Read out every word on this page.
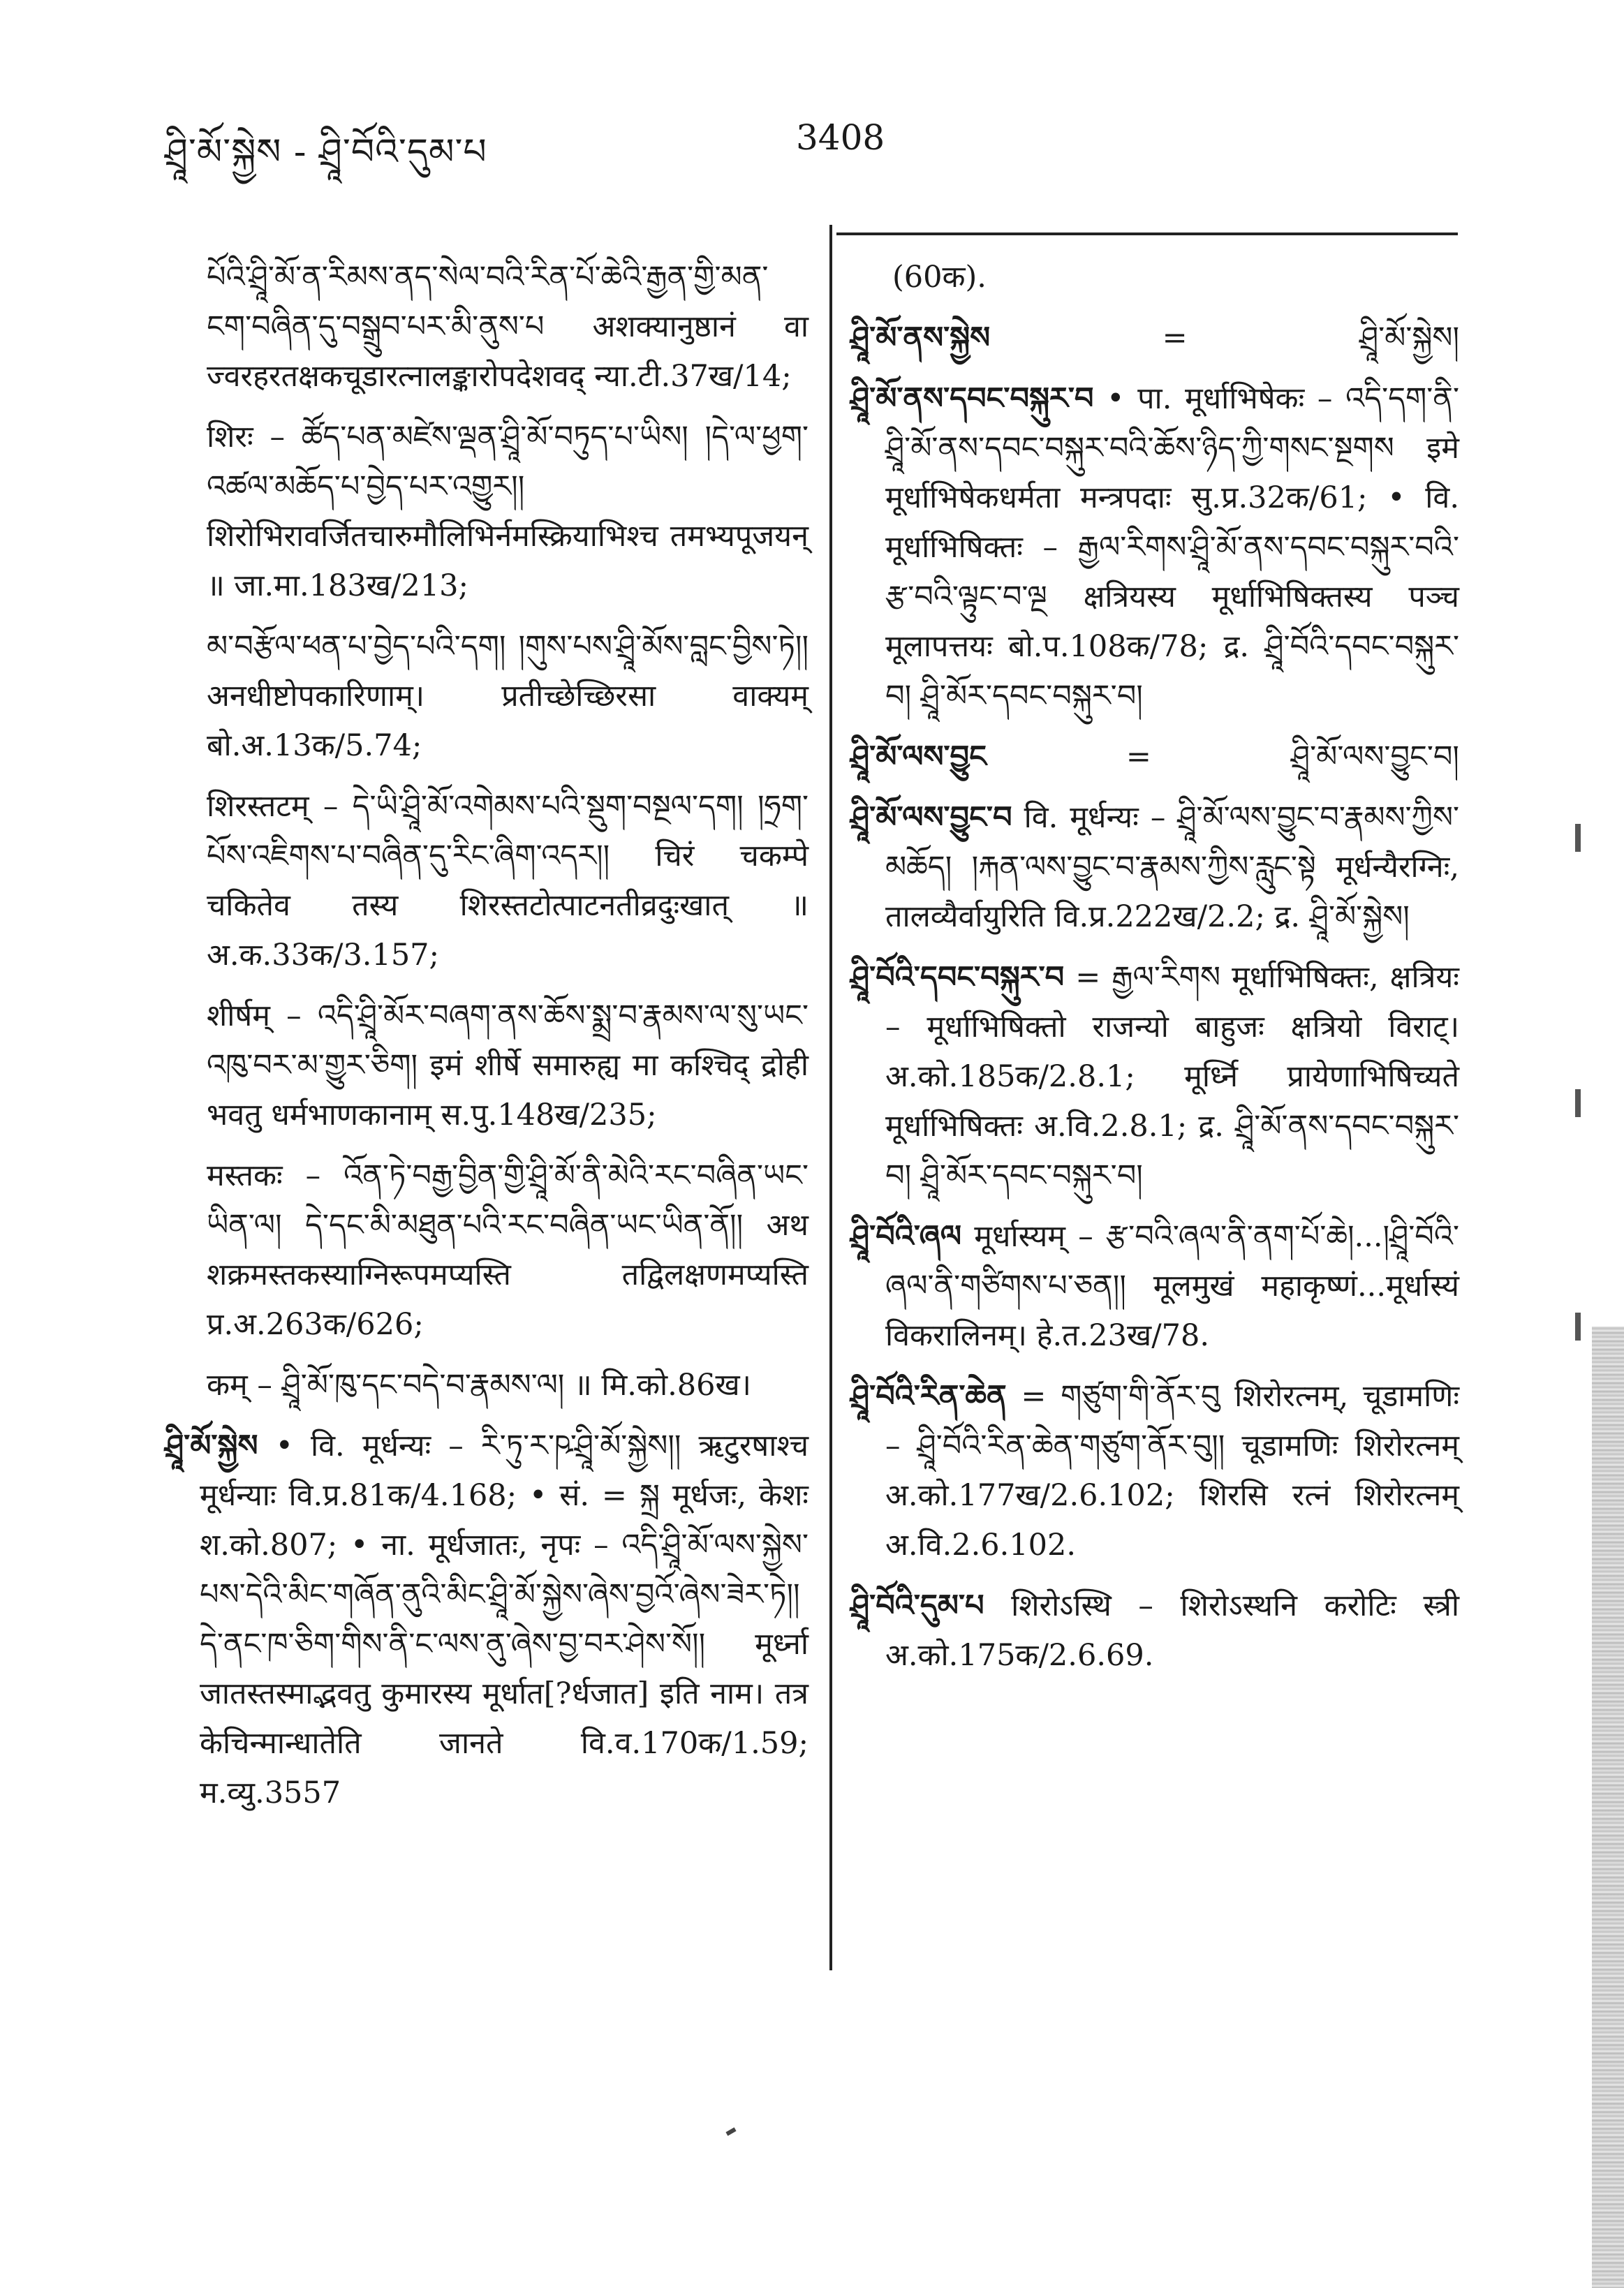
ཤྲཱི་མོ་སྐྱེས - ཤྲཱི་བོའི་དུམ་པ	3408

པོའི་ཤྲཱི་མོ་ན་རིམས་ནད་སེལ་བའི་རིན་པོ་ཆེའི་རྒྱན་གྱི་མན་ངག་བཞིན་དུ་བསྒྲུབ་པར་མི་ནུས་པ अशक्यानुष्ठानं वा ज्वरहरतक्षकचूडारत्नालङ्कारोपदेशवद् न्या.टी.37ख/14;

शिरः – ཚོད་པན་མཛེས་ལྡན་ཤྲཱི་མོ་བཏུད་པ་ཡིས། །དེ་ལ་ཕྱག་འཚལ་མཆོད་པ་བྱེད་པར་འགྱུར།། शिरोभिरावर्जितचारुमौलिभिर्नमस्क्रियाभिश्च तमभ्यपूजयन् ॥ जा.मा.183ख/213;

མ་བརྩོལ་ཕན་པ་བྱེད་པའི་དག། །གུས་པས་ཤྲཱི་མོས་བླང་བྱིས་ཏེ།། अनधीष्टोपकारिणाम्। प्रतीच्छेच्छिरसा वाक्यम् बो.अ.13क/5.74;

शिरस्तटम् – དེ་ཡི་ཤྲཱི་མོ་འགེམས་པའི་སྡུག་བསྔལ་དག། །ཧྲག་པོས་འཇིགས་པ་བཞིན་དུ་རིང་ཞིག་འདར།། चिरं चकम्पे चकितेव तस्य शिरस्तटोत्पाटनतीव्रदुःखात् ॥ अ.क.33क/3.157;

शीर्षम् – འདི་ཤྲཱི་མོར་བཞག་ནས་ཆོས་སྨྲ་བ་རྣམས་ལ་སུ་ཡང་འཁུ་བར་མ་གྱུར་ཅིག། इमं शीर्षे समारुह्य मा कश्चिद् द्रोही भवतु धर्मभाणकानाम् स.पु.148ख/235;

मस्तकः – འོན་ཏེ་བརྒྱ་བྱིན་གྱི་ཤྲཱི་མོ་ནི་མེའི་རང་བཞིན་ཡང་ཡིན་ལ། དེ་དང་མི་མཐུན་པའི་རང་བཞིན་ཡང་ཡིན་ནོ།། अथ शक्रमस्तकस्याग्निरूपमप्यस्ति तद्विलक्षणमप्यस्ति प्र.अ.263क/626;

कम् – ཤྲཱི་མོ་ཁུ་དང་བདེ་བ་རྣམས་ལ། ॥ मि.को.86ख।

ཤྲཱི་མོ་སྐྱེས • वि. मूर्धन्यः – རི་ཏུ་ར་ཥ་ཤྲཱི་མོ་སྐྱེས།། ऋटुरषाश्च मूर्धन्याः वि.प्र.81क/4.168; • सं. = སྐྲ मूर्धजः, केशः श.को.807; • ना. मूर्धजातः, नृपः – འདི་ཤྲཱི་མོ་ལས་སྐྱེས་པས་དེའི་མིང་གཞོན་ནུའི་མིང་ཤྲཱི་མོ་སྐྱེས་ཞེས་བྱའོ་ཞེས་ཟེར་ཏེ།། དེ་ནང་ཁ་ཅིག་གིས་ནི་ང་ལས་ནུ་ཞེས་བྱ་བར་ཤེས་སོ།། मूर्ध्ना जातस्तस्माद्भवतु कुमारस्य मूर्धात[?र्धजात] इति नाम। तत्र केचिन्मान्धातेति जानते वि.व.170क/1.59; म.व्यु.3557

(60क).

ཤྲཱི་མོ་ནས་སྐྱེས	=	ཤྲཱི་མོ་སྐྱེས།

ཤྲཱི་མོ་ནས་དབང་བསྐུར་བ • पा. मूर्धाभिषेकः – འདི་དག་ནི་ཤྲཱི་མོ་ནས་དབང་བསྐུར་བའི་ཆོས་ཉིད་ཀྱི་གསང་སྔགས इमे मूर्धाभिषेकधर्मता मन्त्रपदाः सु.प्र.32क/61; • वि. मूर्धाभिषिक्तः – རྒྱལ་རིགས་ཤྲཱི་མོ་ནས་དབང་བསྐུར་བའི་རྩ་བའི་ལྟུང་བ་ལྔ क्षत्रियस्य मूर्धाभिषिक्तस्य पञ्च मूलापत्तयः बो.प.108क/78; द्र. ཤྲཱི་བོའི་དབང་བསྐུར་བ། ཤྲཱི་མོར་དབང་བསྐུར་བ།

ཤྲཱི་མོ་ལས་བྱུང	=	ཤྲཱི་མོ་ལས་བྱུང་བ།

ཤྲཱི་མོ་ལས་བྱུང་བ वि. मूर्धन्यः – ཤྲཱི་མོ་ལས་བྱུང་བ་རྣམས་ཀྱིས་མཆོད། །རྐན་ལས་བྱུང་བ་རྣམས་ཀྱིས་རླུང་སྟེ मूर्धन्यैरग्निः, तालव्यैर्वायुरिति वि.प्र.222ख/2.2; द्र. ཤྲཱི་མོ་སྐྱེས།

ཤྲཱི་བོའི་དབང་བསྐུར་བ = རྒྱལ་རིགས मूर्धाभिषिक्तः, क्षत्रियः – मूर्धाभिषिक्तो राजन्यो बाहुजः क्षत्रियो विराट्। अ.को.185क/2.8.1; मूर्ध्नि प्रायेणाभिषिच्यते मूर्धाभिषिक्तः अ.वि.2.8.1; द्र. ཤྲཱི་མོ་ནས་དབང་བསྐུར་བ། ཤྲཱི་མོར་དབང་བསྐུར་བ།

ཤྲཱི་བོའི་ཞལ मूर्धास्यम् – རྩ་བའི་ཞལ་ནི་ནག་པོ་ཆེ།...།ཤྲཱི་བོའི་ཞལ་ནི་གཙིགས་པ་ཅན།། मूलमुखं महाकृष्णं...मूर्धास्यं विकरालिनम्। हे.त.23ख/78.

ཤྲཱི་བོའི་རིན་ཆེན = གཙུག་གི་ནོར་བུ शिरोरत्नम्, चूडामणिः – ཤྲཱི་བོའི་རིན་ཆེན་གཙུག་ནོར་བུ།། चूडामणिः शिरोरत्नम् अ.को.177ख/2.6.102; शिरसि रत्नं शिरोरत्नम् अ.वि.2.6.102.

ཤྲཱི་བོའི་དུམ་པ शिरोऽस्थि – शिरोऽस्थनि करोटिः स्त्री अ.को.175क/2.6.69.
